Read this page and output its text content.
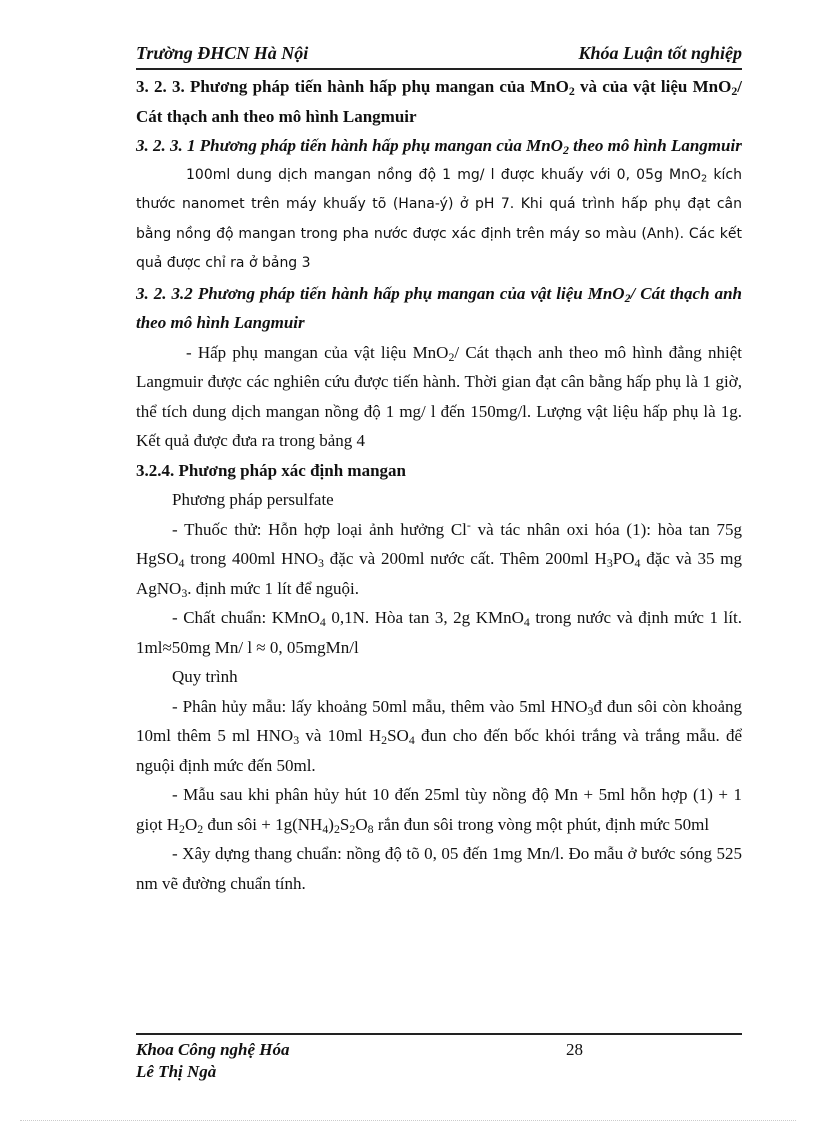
Trường ĐHCN Hà Nội	Khóa Luận tốt nghiệp

3. 2. 3. Phương pháp tiến hành hấp phụ mangan của MnO$_2$ và của vật liệu MnO$_2$/ Cát thạch anh theo mô hình Langmuir

3. 2. 3. 1 Phương pháp tiến hành hấp phụ mangan của MnO$_2$ theo mô hình Langmuir

100ml dung dịch mangan nồng độ 1 mg/ l được khuấy với 0, 05g MnO$_2$ kích thước nanomet trên máy khuấy tõ (Hana-ý) ở pH 7. Khi quá trình hấp phụ đạt cân bằng nồng độ mangan trong pha nước được xác định trên máy so màu (Anh). Các kết quả được chỉ ra ở bảng 3

3. 2. 3.2 Phương pháp tiến hành hấp phụ mangan của vật liệu MnO$_2$/ Cát thạch anh theo mô hình Langmuir

- Hấp phụ mangan của vật liệu MnO$_2$/ Cát thạch anh theo mô hình đẳng nhiệt Langmuir được các nghiên cứu được tiến hành. Thời gian đạt cân bằng hấp phụ là 1 giờ, thể tích dung dịch mangan nồng độ 1 mg/ l đến 150mg/l. Lượng vật liệu hấp phụ là 1g. Kết quả được đưa ra trong bảng 4

3.2.4. Phương pháp xác định mangan

Phương pháp persulfate

- Thuốc thử: Hỗn hợp loại ảnh hưởng Cl- và tác nhân oxi hóa (1): hòa tan 75g HgSO$_4$ trong 400ml $HNO_3$ đặc và 200ml nước cất. Thêm 200ml $H_3PO_4$ đặc và 35 mg AgNO$_3$. định mức 1 lít để nguội.

- Chất chuẩn: KMnO$_4$ 0,1N. Hòa tan 3, 2g KMnO$_4$ trong nước và định mức 1 lít. 1ml≈50mg Mn/ l ≈ 0, 05mgMn/l

Quy trình

- Phân hủy mẫu: lấy khoảng 50ml mẫu, thêm vào 5ml $HNO_3đ$ đun sôi còn khoảng 10ml thêm 5 ml $HNO_3$ và 10ml $H_2SO_4$ đun cho đến bốc khói trắng và trắng mẫu. để nguội định mức đến 50ml.

- Mẫu sau khi phân hủy hút 10 đến 25ml tùy nồng độ Mn + 5ml hỗn hợp (1) + 1 giọt $H_2O_2$ đun sôi + $1g(NH_4)_2S_2O_8$ rắn đun sôi trong vòng một phút, định mức 50ml

- Xây dựng thang chuẩn: nồng độ tõ 0, 05 đến 1mg Mn/l. Đo mẫu ở bước sóng 525 nm vẽ đường chuẩn tính.

Khoa Công nghệ Hóa	28
Lê Thị Ngà
